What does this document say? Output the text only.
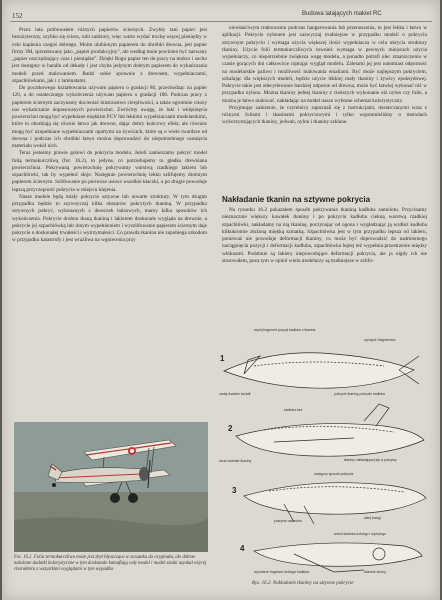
152	Budowa latających makiet RC

Przez lata próbowałem różnych papierów ściernych. Zwykły tani papier jest bezużyteczny, szybko się ściera, robi zadziory, więc warto wydać trochę więcej pieniędzy w celu kupienia czegoś dobrego. Moim ulubionym papierem do obróbki drewna, jest papier firmy 3M, sprzedawany jako „papier produkcyjny”, ale według mnie powinien być nazwany „papier oszczędzający czas i pieniądze”. Dzięki Bogu papier ten do pracy na mokro i sucho jest dostępny w handlu od dekady i jest chyba jedynym dobrym papierem do wykańczania modeli przed malowaniem. Radzi sobie sprawnie z drewnem, wypełniaczami, szpachlówkami, jak i z laminatami.

Do pocztkowego kształtowania używam papieru o gradacji 80, przechodząc na papier 120, a do ostatecznego wykończenia używam papieru o gradacji 180. Podczas pracy z papierem ściernym zaczynamy docieniać mistrzostwo cierpliwości, a także ogromnie cieszy nas wykańczanie dopasowanych powierzchni. Zwróćmy uwagę, że luki i wklęśnięcia powierzchni mogą być wypełniane miękkim PCV lub lekkimi wypełniaczami modelarskimi, które to obrabiają się równie łatwo jak drewno, dając dobry końcowy efekt, ale równiez mogą być uzupełniane wypełniaczami opartymi na żywicach, które są o wiele twardsze od drewna i podczas ich obróbki łatwo można doprowadzić do niepotrzebnego usunięcia materiału wokół nich.

Teraz jesteśmy prawie gotowi do pokrycia modelu. Jeżeli zamierzamy pokryć model folią termokurczliwą (fot. 16.2), to jedyne, co potrzebujemy to gładka drewniana powierzchnia. Pokrywaną powierzchnię pokrywamy warstwą rzadkiego lakieru lub szpachlówki, tak by wypełnić słoje. Następnie powierzchnię lekko szlifujemy drobnym papierem ściernym. Szlifowanie po pierwsze usuwa wszelkie kłaczki, a po drugie powoduje lepszą przyczepność pokrycia w miejscu klejenia.

Nasze modele będą miały pokrycie sztywne lub otwarte struktury. W tym drugim przypadku będzie to szywnyczaj kilka obszarów pokrytych tkaniną. W przypadku sztywnych pokryć, wykonanych z deseczek balsowych, mamy kilka sposobów ich wykończenia. Pokrycie drobno tkaną tkaniną i lakierem doskonale wygląda na drewnie, a pokrycie jej szpachlówką lub innym wypełnieniem i wyszlifowanie papierem ściernym daje pokrycie o doskonałej trwałości i wytrzymałości. Co prawda tkanina nie zapobiega szkodom w przypadku katastrofy i jest wrażliwa na wgniecenia przy

niewłaściwym traktowaniu podczas hangarowania lub przenoszenia, to jest lekka i łatwo w aplikacji. Pokrycie nylonem jest zazwyczaj trudniejsze w przypadku modeli o pokryciu sztywnym pokryciu i wymaga użycia większej ilości wypełniacza w celu ukrycia struktury tkaniny. Użycie folii termokurczliwych rownież wymaga w pewnych miejscach użycia wypełniaczy, co niepotrzebnie zwiększa wagę modelu, a ponadto potrafi ulec zmarszczeniu w czasie gorących dni całkowicie rujnując wygląd modelu. Zaletami jej jest natomiast odporność na modelarskie paliwo i możliwość malowania emaliami. Być może najlepszym pokryciem, szkalując dla większych modeli, będzie użycie lekkiej mały tkaniny i żywicy epoksydowej. Pokrycie takie jest zdecydowanie bardziej odporne od drewna, może być łatwiej wykonać niż w przypadku nylonu. Można tkaniny jednej tkaniny z cieńszych wykonanie niż nylon czy folie, a można je łatwo malować, nakładając na model nasze wybrane schemat kolorystyczny.

Przyjmując założenie, że czytelnicy zapoznali się z instrukcjami, dostarczanymi wraz z różnymi foliami i tkaninami pokryciowymi i tylko wspomnieliśmy o metodach wykorzystujących tkaniny, jedwab, nylon i tkaniny szklane.

Nakładanie tkanin na sztywne pokrycia

Na rysunku 16.2 pokazałem sposób pokrywania tkaniną kadłuba samolotu. Przycinamy nieznacznie większy kawałek tkaniny i po pokryciu kadłuba ciekną warstwą rzadkiej szpachlówki, nakładamy na nią tkaninę, poczynając od ogona i wygładzając ją wzdłuż kadłuba kilkukrotnie złożoną miękką szmatką. Szpachlówka jest w tym przypadku lepsza od lakieru, ponieważ nie powoduje deformacji tkaniny, co może być doprowadzić do nadmiernego naciągnięcia pozycji i deformacji kadłuba, szpachlówka lepiej też wypełnia przestrzenie między włóknami. Podobnie są lakiery niepowodujące deformacji pokrycia, ale ja nigdy ich nie stosowałem, poza tym w opinii wielu modelarzy są trudniejsze w szlifo-

Fot. 16.2. Folia termokurczliwa może jest zbyt błyszcząca w stosunku do oryginału, ale dobrze nałożone dodatki kolorystyczne w tym doskonale kamuflują cały model i model sztuki uzyskał więcej charakteru z wszystkimi wyglądami w tym wypadku
1
2
3
4
wyżej fragment pozycji kadłuba z tkanina
kadłuba bez
następny sposób pokrycia
wokół kadłuba dolnego i wyższego
wycięcie fragmentów
nadaj tkaninie kształt	pokrycie tkaninę pokrycie kadłuba
usuń nadmiar tkaniny	tkaniny nakładającej się w pokrywy
pokrycie nadmiaru
sklej brzegi
tkaninie strony
wycinanie fragment dolnego kadłuba
Rys. 16.2. Nakładanie tkaniny na sztywne pokrycie
